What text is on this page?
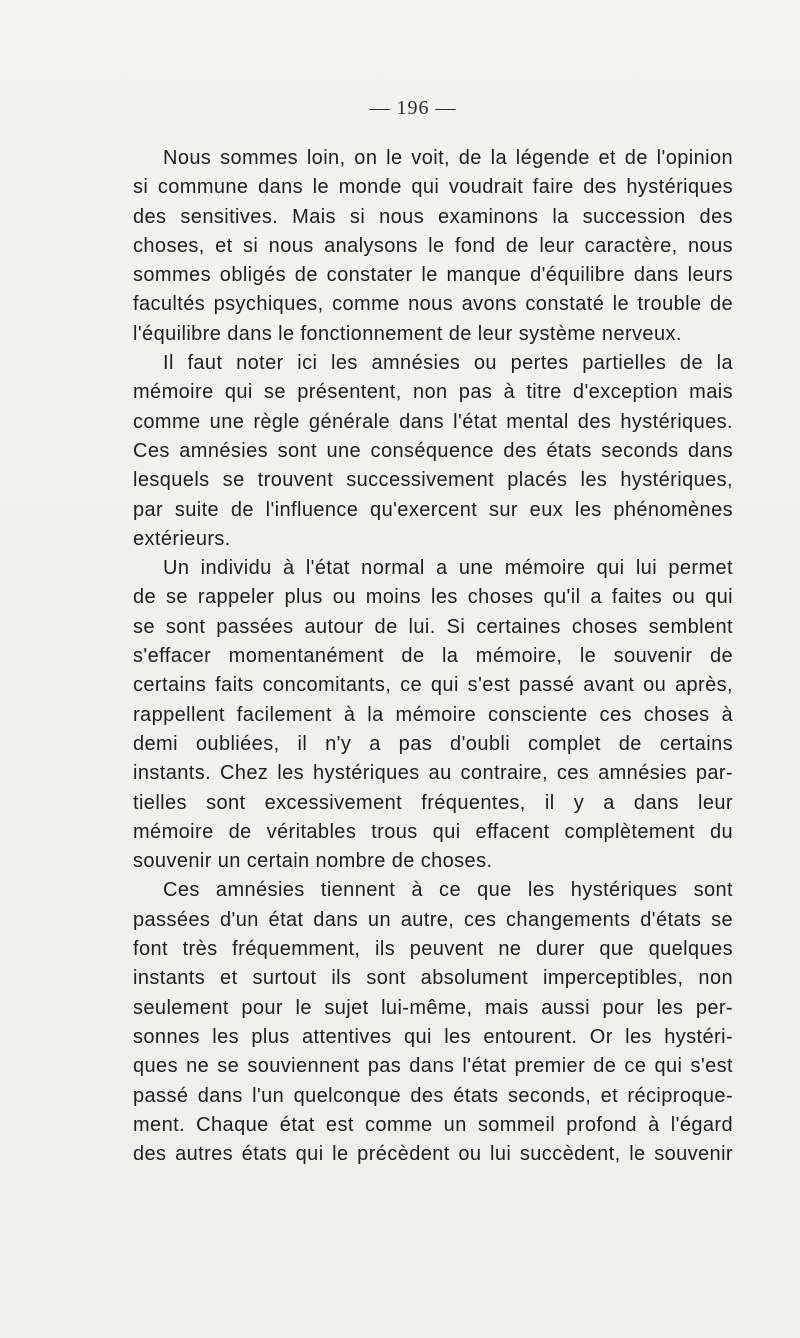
— 196 —
Nous sommes loin, on le voit, de la légende et de l'opinion
si commune dans le monde qui voudrait faire des hystériques
des sensitives. Mais si nous examinons la succession des
choses, et si nous analysons le fond de leur caractère, nous
sommes obligés de constater le manque d'équilibre dans leurs
facultés psychiques, comme nous avons constaté le trouble de
l'équilibre dans le fonctionnement de leur système nerveux.
Il faut noter ici les amnésies ou pertes partielles de la
mémoire qui se présentent, non pas à titre d'exception mais
comme une règle générale dans l'état mental des hystériques.
Ces amnésies sont une conséquence des états seconds dans
lesquels se trouvent successivement placés les hystériques,
par suite de l'influence qu'exercent sur eux les phénomènes
extérieurs.
Un individu à l'état normal a une mémoire qui lui permet
de se rappeler plus ou moins les choses qu'il a faites ou qui
se sont passées autour de lui. Si certaines choses semblent
s'effacer momentanément de la mémoire, le souvenir de
certains faits concomitants, ce qui s'est passé avant ou après,
rappellent facilement à la mémoire consciente ces choses à
demi oubliées, il n'y a pas d'oubli complet de certains
instants. Chez les hystériques au contraire, ces amnésies par-
tielles sont excessivement fréquentes, il y a dans leur
mémoire de véritables trous qui effacent complètement du
souvenir un certain nombre de choses.
Ces amnésies tiennent à ce que les hystériques sont
passées d'un état dans un autre, ces changements d'états se
font très fréquemment, ils peuvent ne durer que quelques
instants et surtout ils sont absolument imperceptibles, non
seulement pour le sujet lui-même, mais aussi pour les per-
sonnes les plus attentives qui les entourent. Or les hystéri-
ques ne se souviennent pas dans l'état premier de ce qui s'est
passé dans l'un quelconque des états seconds, et réciproque-
ment. Chaque état est comme un sommeil profond à l'égard
des autres états qui le précèdent ou lui succèdent, le souvenir
